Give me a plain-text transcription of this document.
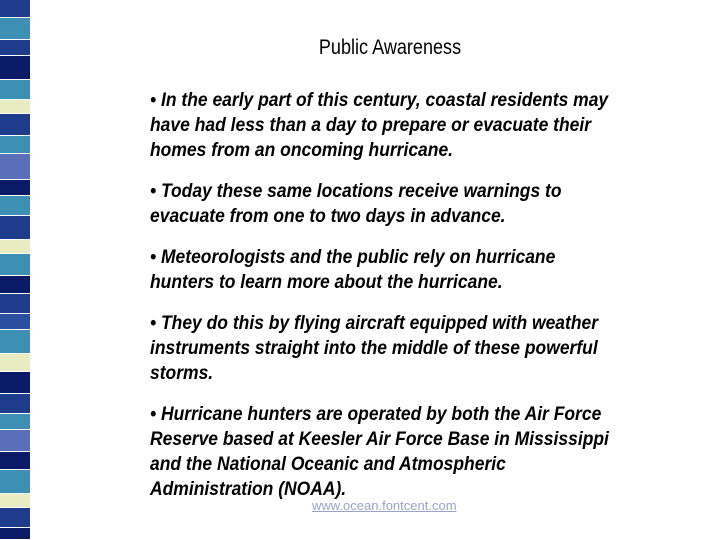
Public Awareness

• In the early part of this century, coastal residents may have had less than a day to prepare or evacuate their homes from an oncoming hurricane.

• Today these same locations receive warnings to evacuate from one to two days in advance.

• Meteorologists and the public rely on hurricane hunters to learn more about the hurricane.

• They do this by flying aircraft equipped with weather instruments straight into the middle of these powerful storms.

• Hurricane hunters are operated by both the Air Force Reserve based at Keesler Air Force Base in Mississippi and the National Oceanic and Atmospheric Administration (NOAA).

www.ocean.fontcent.com
